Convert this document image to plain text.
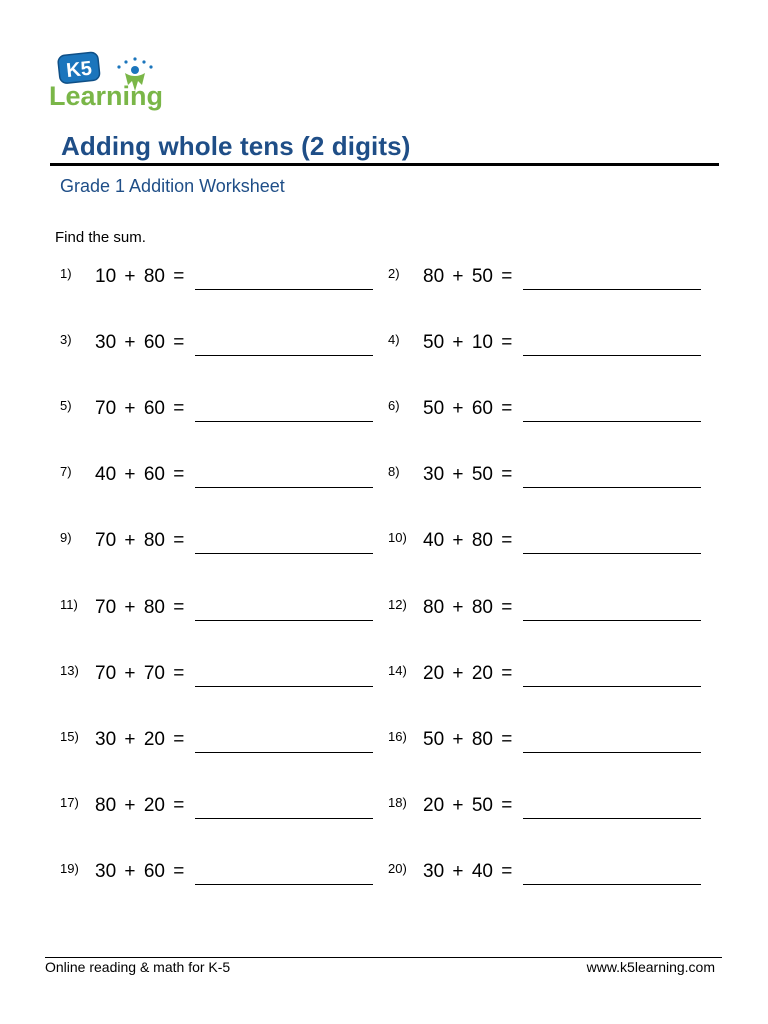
K5
Learning
Adding whole tens (2 digits)
Grade 1 Addition Worksheet
Find the sum.
1) 10 + 80 =	2) 80 + 50 =
3) 30 + 60 =	4) 50 + 10 =
5) 70 + 60 =	6) 50 + 60 =
7) 40 + 60 =	8) 30 + 50 =
9) 70 + 80 =	10) 40 + 80 =
11) 70 + 80 =	12) 80 + 80 =
13) 70 + 70 =	14) 20 + 20 =
15) 30 + 20 =	16) 50 + 80 =
17) 80 + 20 =	18) 20 + 50 =
19) 30 + 60 =	20) 30 + 40 =
Online reading & math for K-5	www.k5learning.com
